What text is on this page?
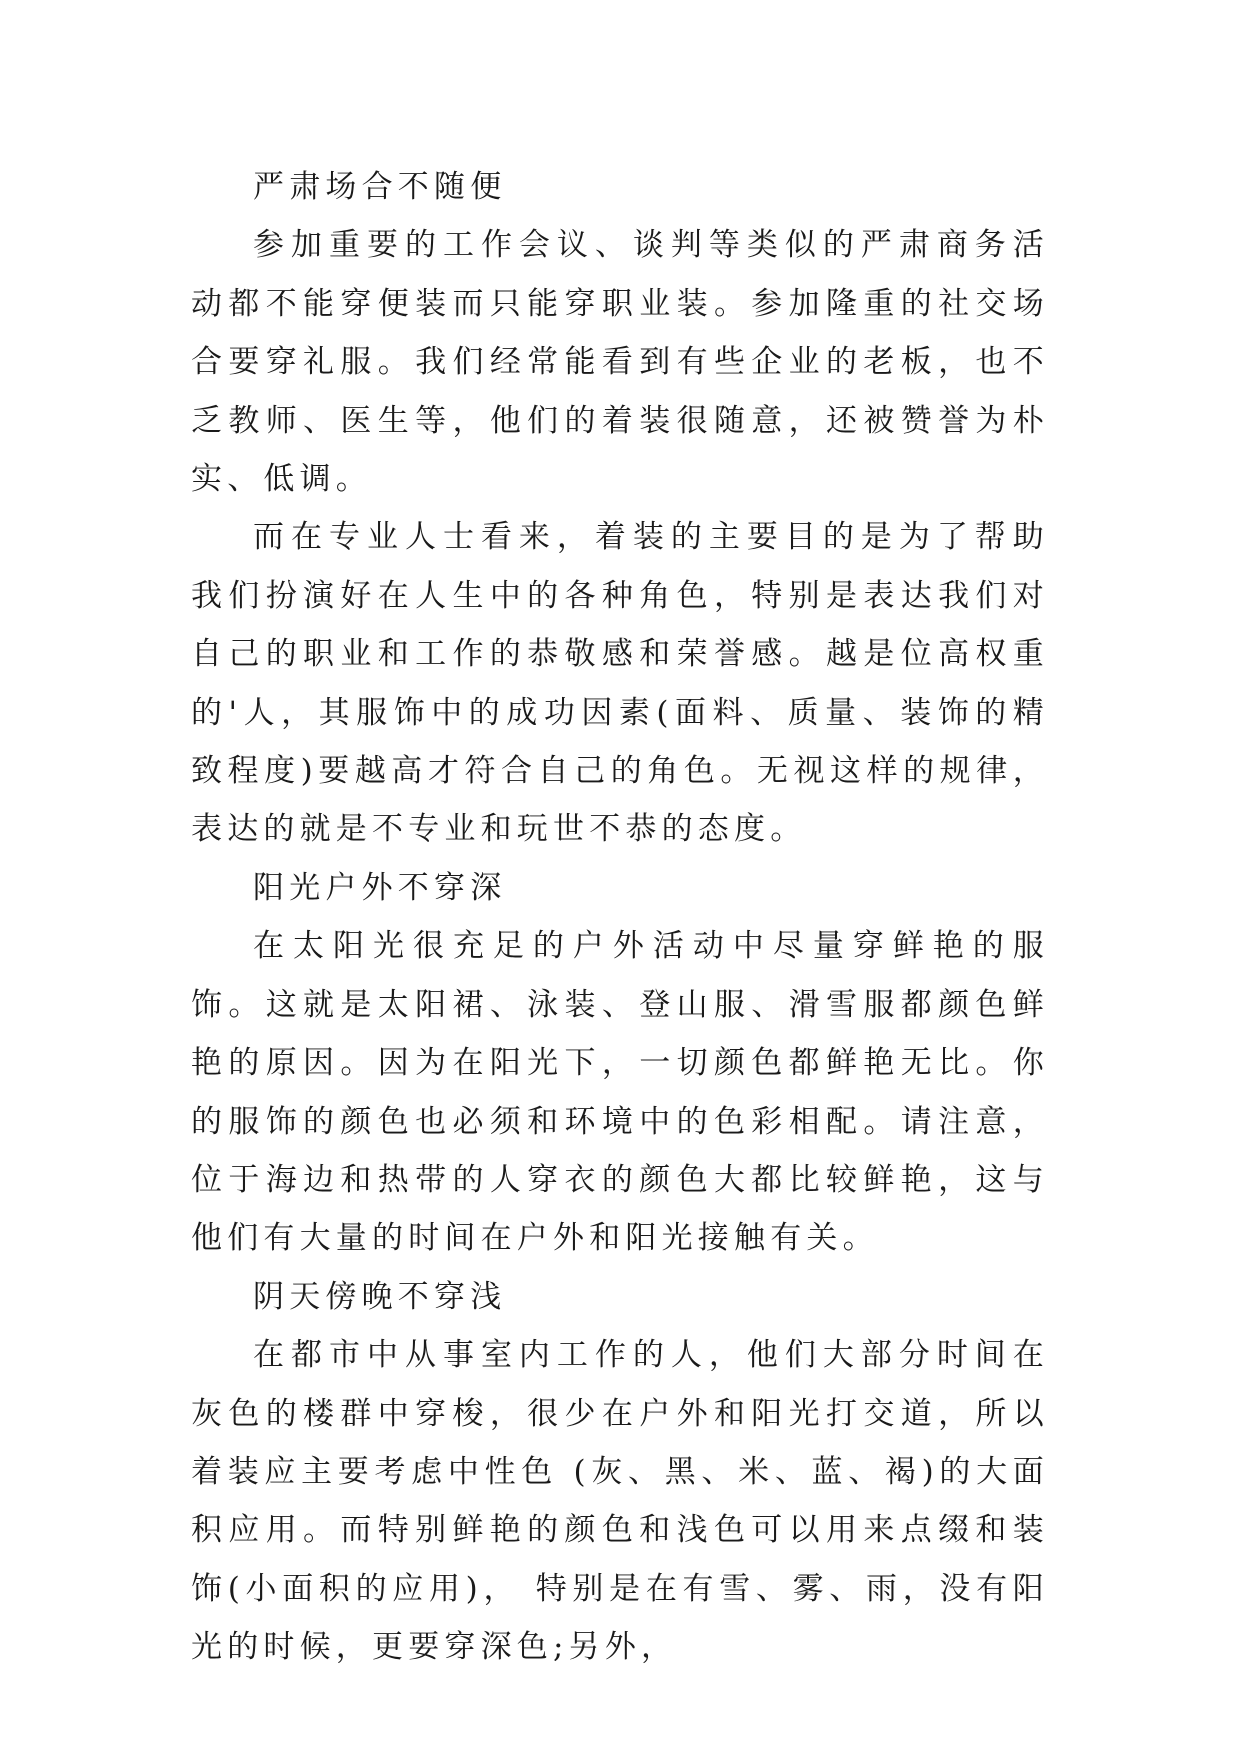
严肃场合不随便

参加重要的工作会议、谈判等类似的严肃商务活动都不能穿便装而只能穿职业装。参加隆重的社交场合要穿礼服。我们经常能看到有些企业的老板，也不乏教师、医生等，他们的着装很随意，还被赞誉为朴实、低调。

而在专业人士看来，着装的主要目的是为了帮助我们扮演好在人生中的各种角色，特别是表达我们对自己的职业和工作的恭敬感和荣誉感。越是位高权重的'人，其服饰中的成功因素(面料、质量、装饰的精致程度)要越高才符合自己的角色。无视这样的规律，表达的就是不专业和玩世不恭的态度。

阳光户外不穿深

在太阳光很充足的户外活动中尽量穿鲜艳的服饰。这就是太阳裙、泳装、登山服、滑雪服都颜色鲜艳的原因。因为在阳光下，一切颜色都鲜艳无比。你的服饰的颜色也必须和环境中的色彩相配。请注意，位于海边和热带的人穿衣的颜色大都比较鲜艳，这与他们有大量的时间在户外和阳光接触有关。

阴天傍晚不穿浅

在都市中从事室内工作的人，他们大部分时间在灰色的楼群中穿梭，很少在户外和阳光打交道，所以着装应主要考虑中性色 (灰、黑、米、蓝、褐)的大面积应用。而特别鲜艳的颜色和浅色可以用来点缀和装饰(小面积的应用)， 特别是在有雪、雾、雨，没有阳光的时候，更要穿深色;另外，
